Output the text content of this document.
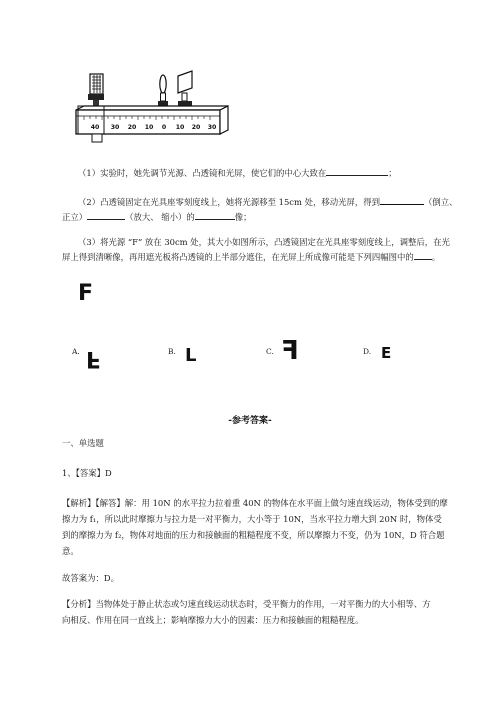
40 30 20 10 0 10 20 30
（1）实验时，她先调节光源、凸透镜和光屏，使它们的中心大致在	；
（2）凸透镜固定在光具座零刻度线上，她将光源移至 15cm 处，移动光屏，得到	（倒立、
正立）	（放大、 缩小）的	像；
（3）将光源 “F” 放在 30cm 处，其大小如图所示，凸透镜固定在光具座零刻度线上，调整后，在光
屏上得到清晰像，再用遮光板将凸透镜的上半部分遮住，在光屏上所成像可能是下列四幅图中的 。
F
A. F	B. L	C. F	D. E
-参考答案-
一、单选题
1、【答案】D
【解析】【解答】解：用 10N 的水平拉力拉着重 40N 的物体在水平面上做匀速直线运动，物体受到的摩
擦力为 f₁，所以此时摩擦力与拉力是一对平衡力，大小等于 10N，当水平拉力增大到 20N 时，物体受
到的摩擦力为 f₂，物体对地面的压力和接触面的粗糙程度不变，所以摩擦力不变，仍为 10N，D 符合题
意。
故答案为：D。
【分析】当物体处于静止状态或匀速直线运动状态时，受平衡力的作用，一对平衡力的大小相等、方
向相反、作用在同一直线上；影响摩擦力大小的因素：压力和接触面的粗糙程度。
